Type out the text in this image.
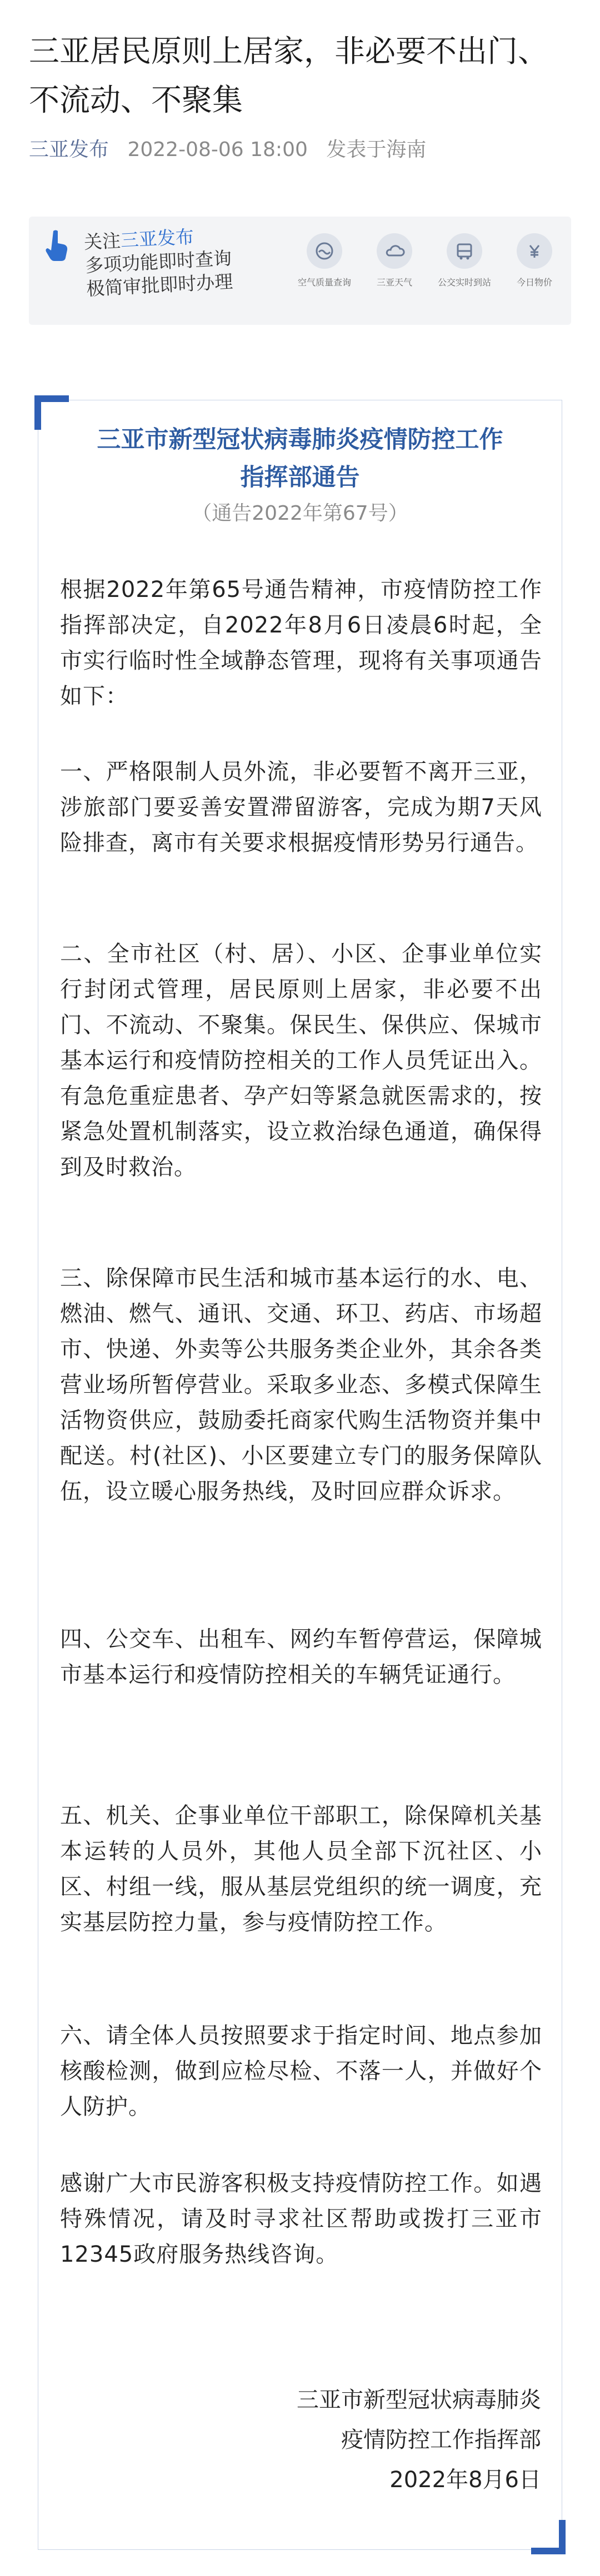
三亚居民原则上居家，非必要不出门、不流动、不聚集
三亚发布 2022-08-06 18:00 发表于海南
关注三亚发布
多项功能即时查询
极简审批即时办理	空气质量查询	三亚天气	公交实时到站	今日物价
三亚市新型冠状病毒肺炎疫情防控工作
指挥部通告
（通告2022年第67号）

根据2022年第65号通告精神，市疫情防控工作指挥部决定，自2022年8月6日凌晨6时起，全市实行临时性全域静态管理，现将有关事项通告如下：

一、严格限制人员外流，非必要暂不离开三亚，涉旅部门要妥善安置滞留游客，完成为期7天风险排查，离市有关要求根据疫情形势另行通告。

二、全市社区（村、居）、小区、企事业单位实行封闭式管理，居民原则上居家，非必要不出门、不流动、不聚集。保民生、保供应、保城市基本运行和疫情防控相关的工作人员凭证出入。有急危重症患者、孕产妇等紧急就医需求的，按紧急处置机制落实，设立救治绿色通道，确保得到及时救治。

三、除保障市民生活和城市基本运行的水、电、燃油、燃气、通讯、交通、环卫、药店、市场超市、快递、外卖等公共服务类企业外，其余各类营业场所暂停营业。采取多业态、多模式保障生活物资供应，鼓励委托商家代购生活物资并集中配送。村(社区)、小区要建立专门的服务保障队伍，设立暖心服务热线，及时回应群众诉求。

四、公交车、出租车、网约车暂停营运，保障城市基本运行和疫情防控相关的车辆凭证通行。

五、机关、企事业单位干部职工，除保障机关基本运转的人员外，其他人员全部下沉社区、小区、村组一线，服从基层党组织的统一调度，充实基层防控力量，参与疫情防控工作。

六、请全体人员按照要求于指定时间、地点参加核酸检测，做到应检尽检、不落一人，并做好个人防护。

感谢广大市民游客积极支持疫情防控工作。如遇特殊情况，请及时寻求社区帮助或拨打三亚市12345政府服务热线咨询。

三亚市新型冠状病毒肺炎
疫情防控工作指挥部
2022年8月6日
